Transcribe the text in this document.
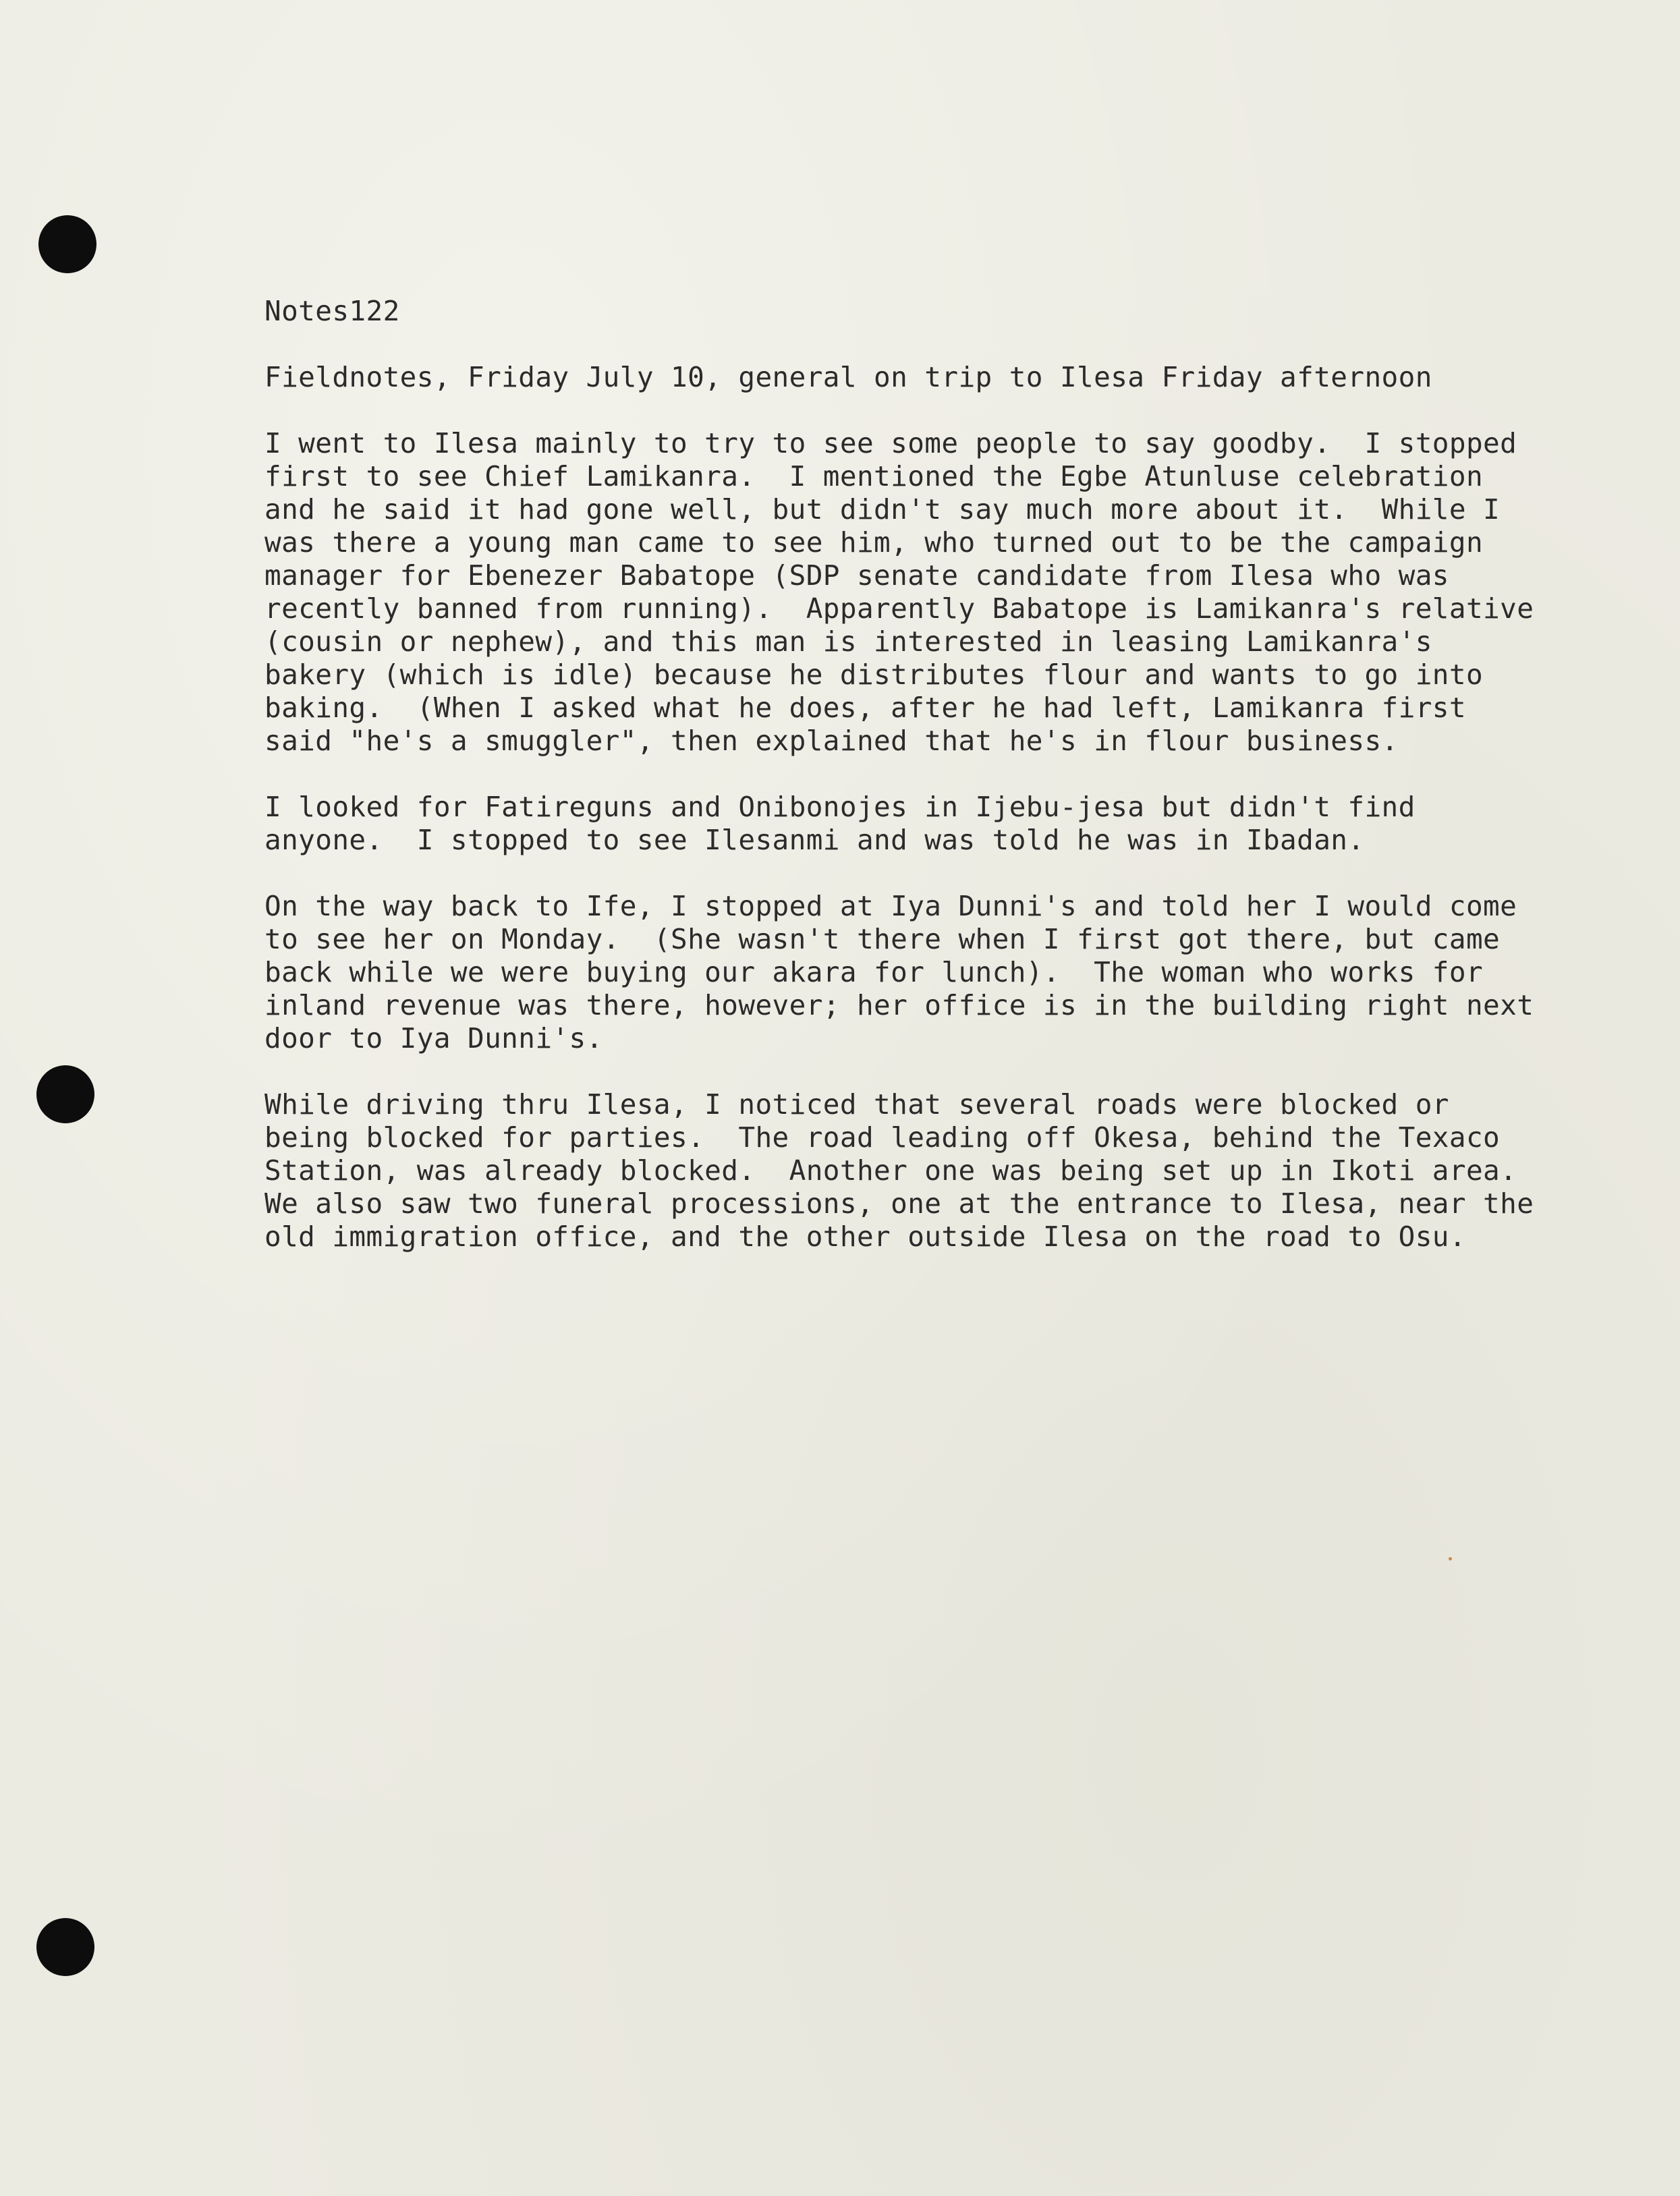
Notes122

Fieldnotes, Friday July 10, general on trip to Ilesa Friday afternoon

I went to Ilesa mainly to try to see some people to say goodby.  I stopped

first to see Chief Lamikanra.  I mentioned the Egbe Atunluse celebration

and he said it had gone well, but didn't say much more about it.  While I

was there a young man came to see him, who turned out to be the campaign

manager for Ebenezer Babatope (SDP senate candidate from Ilesa who was

recently banned from running).  Apparently Babatope is Lamikanra's relative

(cousin or nephew), and this man is interested in leasing Lamikanra's

bakery (which is idle) because he distributes flour and wants to go into

baking.  (When I asked what he does, after he had left, Lamikanra first

said "he's a smuggler", then explained that he's in flour business.

I looked for Fatireguns and Onibonojes in Ijebu-jesa but didn't find

anyone.  I stopped to see Ilesanmi and was told he was in Ibadan.

On the way back to Ife, I stopped at Iya Dunni's and told her I would come

to see her on Monday.  (She wasn't there when I first got there, but came

back while we were buying our akara for lunch).  The woman who works for

inland revenue was there, however; her office is in the building right next

door to Iya Dunni's.

While driving thru Ilesa, I noticed that several roads were blocked or

being blocked for parties.  The road leading off Okesa, behind the Texaco

Station, was already blocked.  Another one was being set up in Ikoti area.

We also saw two funeral processions, one at the entrance to Ilesa, near the

old immigration office, and the other outside Ilesa on the road to Osu.
